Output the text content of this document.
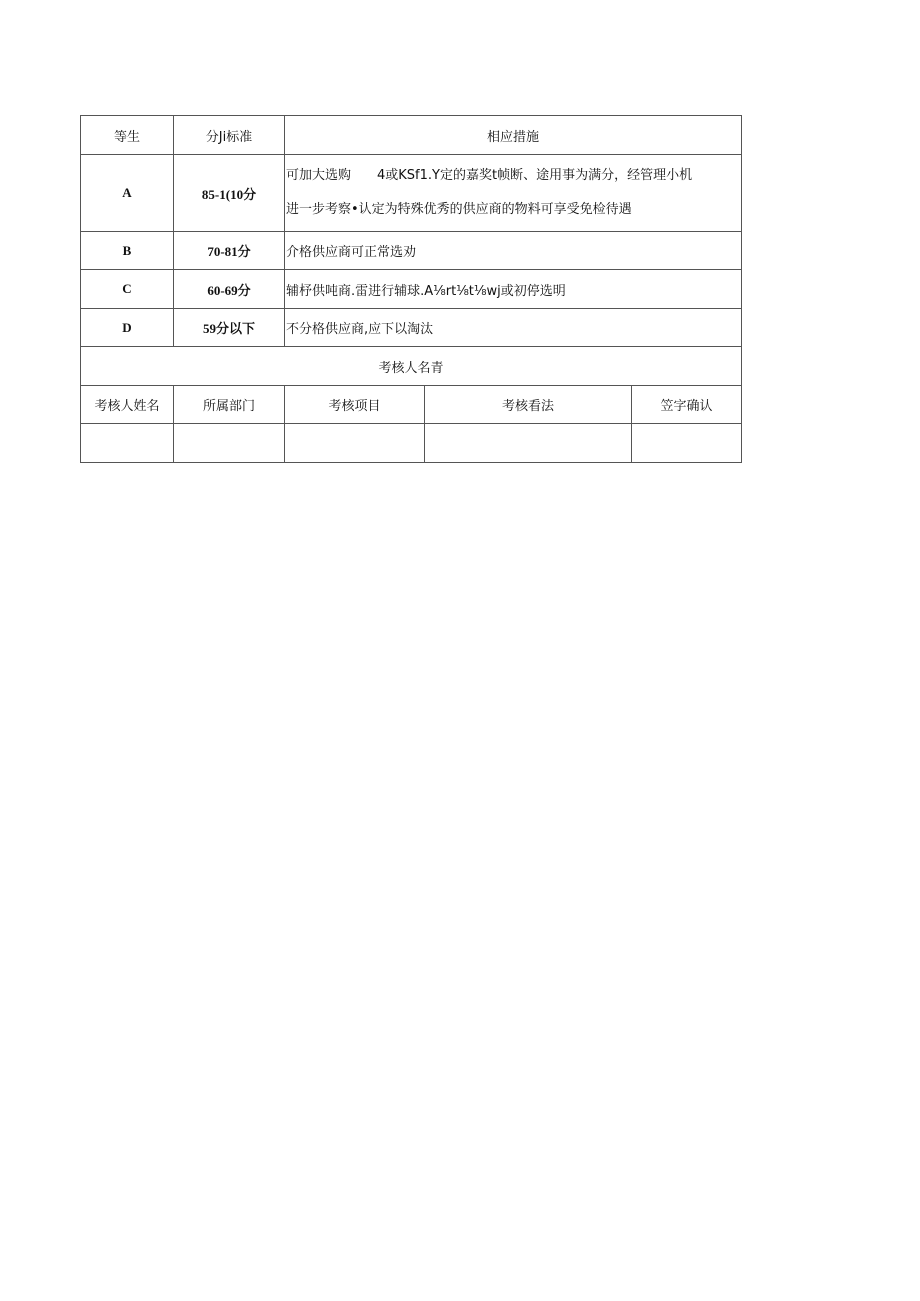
等生	分Ji标准	相应措施		
A	85-1(10分	可加大选购　　4或KSf1.Y定的嘉奖t帧断、途用事为满分，经管理小机
进一步考察•认定为特殊优秀的供应商的物料可享受免检待遇		

B	70-81分	介格供应商可正常选劝		
C	60-69分	辅杼供吨商.雷进行辅球.A⅛rt⅛t⅛wj或初停选明		
D	59分以下	不分格供应商,应下以淘汰		
考核人名青				
考核人姓名	所属部门	考核项目	考核看法	笠字确认
